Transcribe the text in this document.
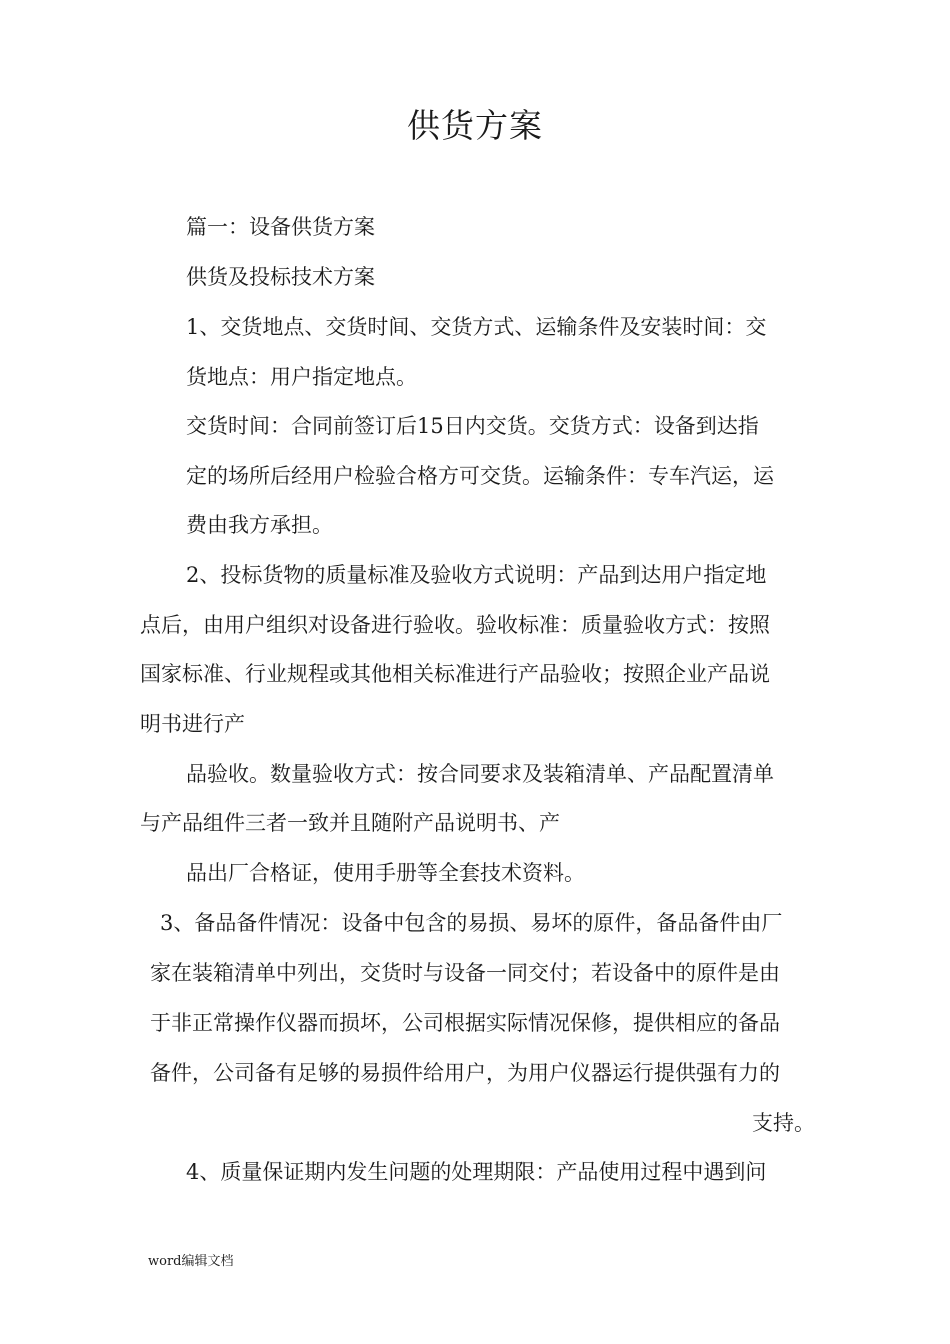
供货方案
篇一：设备供货方案
供货及投标技术方案
1、交货地点、交货时间、交货方式、运输条件及安装时间：交
货地点：用户指定地点。
交货时间：合同前签订后15日内交货。交货方式：设备到达指
定的场所后经用户检验合格方可交货。运输条件：专车汽运，运
费由我方承担。
2、投标货物的质量标准及验收方式说明：产品到达用户指定地
点后，由用户组织对设备进行验收。验收标准：质量验收方式：按照
国家标准、行业规程或其他相关标准进行产品验收；按照企业产品说
明书进行产
品验收。数量验收方式：按合同要求及装箱清单、产品配置清单
与产品组件三者一致并且随附产品说明书、产
品出厂合格证，使用手册等全套技术资料。
3、备品备件情况：设备中包含的易损、易坏的原件，备品备件由厂
家在装箱清单中列出，交货时与设备一同交付；若设备中的原件是由
于非正常操作仪器而损坏，公司根据实际情况保修，提供相应的备品
备件，公司备有足够的易损件给用户，为用户仪器运行提供强有力的
支持。
4、质量保证期内发生问题的处理期限：产品使用过程中遇到问
word编辑文档
